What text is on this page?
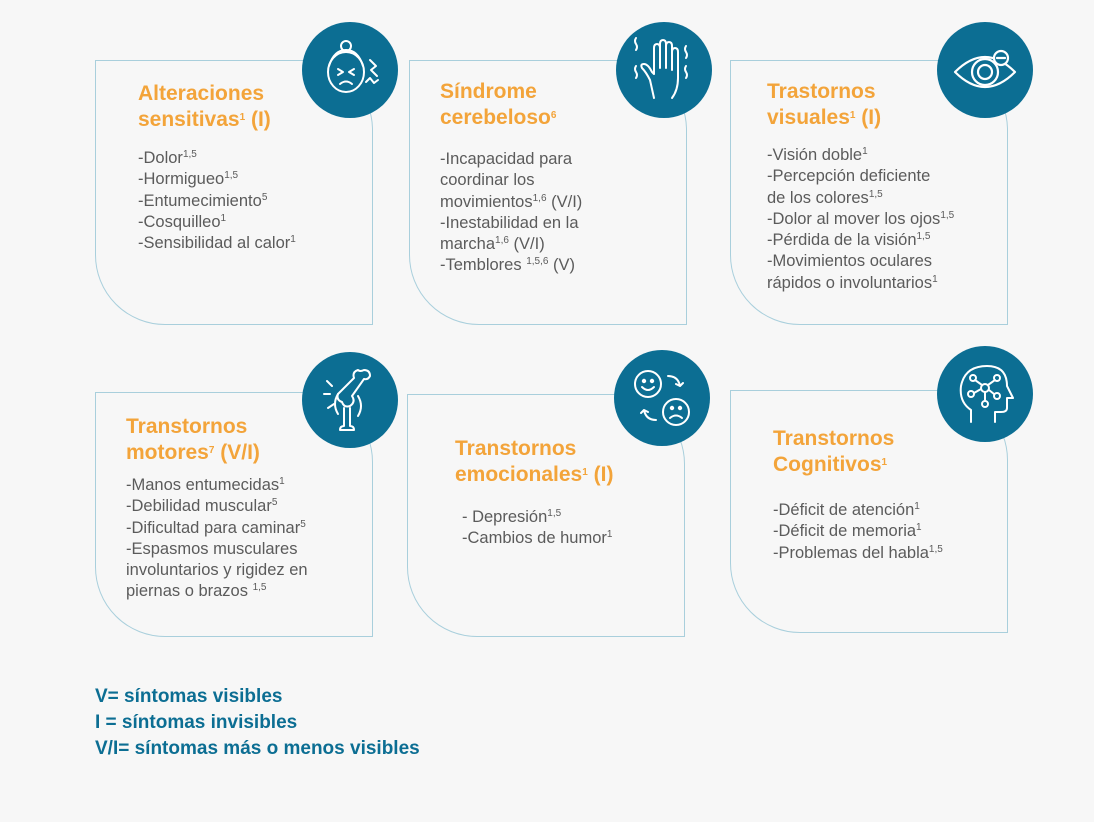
Alteraciones
sensitivas$^1$ (I)
-Dolor$^{1,5}$
-Hormigueo$^{1,5}$
-Entumecimiento$^5$
-Cosquilleo$^1$
-Sensibilidad al calor$^1$
Síndrome
cerebeloso$^6$
-Incapacidad para
coordinar los
movimientos$^{1,6}$ (V/I)
-Inestabilidad en la
marcha$^{1,6}$ (V/I)
-Temblores $^{1,5,6}$ (V)
Trastornos
visuales$^1$ (I)
-Visión doble$^1$
-Percepción deficiente
de los colores$^{1,5}$
-Dolor al mover los ojos$^{1,5}$
-Pérdida de la visión$^{1,5}$
-Movimientos oculares
rápidos o involuntarios$^1$
Transtornos
motores$^7$ (V/I)
-Manos entumecidas$^1$
-Debilidad muscular$^5$
-Dificultad para caminar$^5$
-Espasmos musculares
involuntarios y rigidez en
piernas o brazos $^{1,5}$
Transtornos
emocionales$^1$ (I)
- Depresión$^{1,5}$
-Cambios de humor$^1$
Transtornos
Cognitivos$^1$
-Déficit de atención$^1$
-Déficit de memoria$^1$
-Problemas del habla$^{1,5}$
V= síntomas visibles
I = síntomas invisibles
V/I= síntomas más o menos visibles
